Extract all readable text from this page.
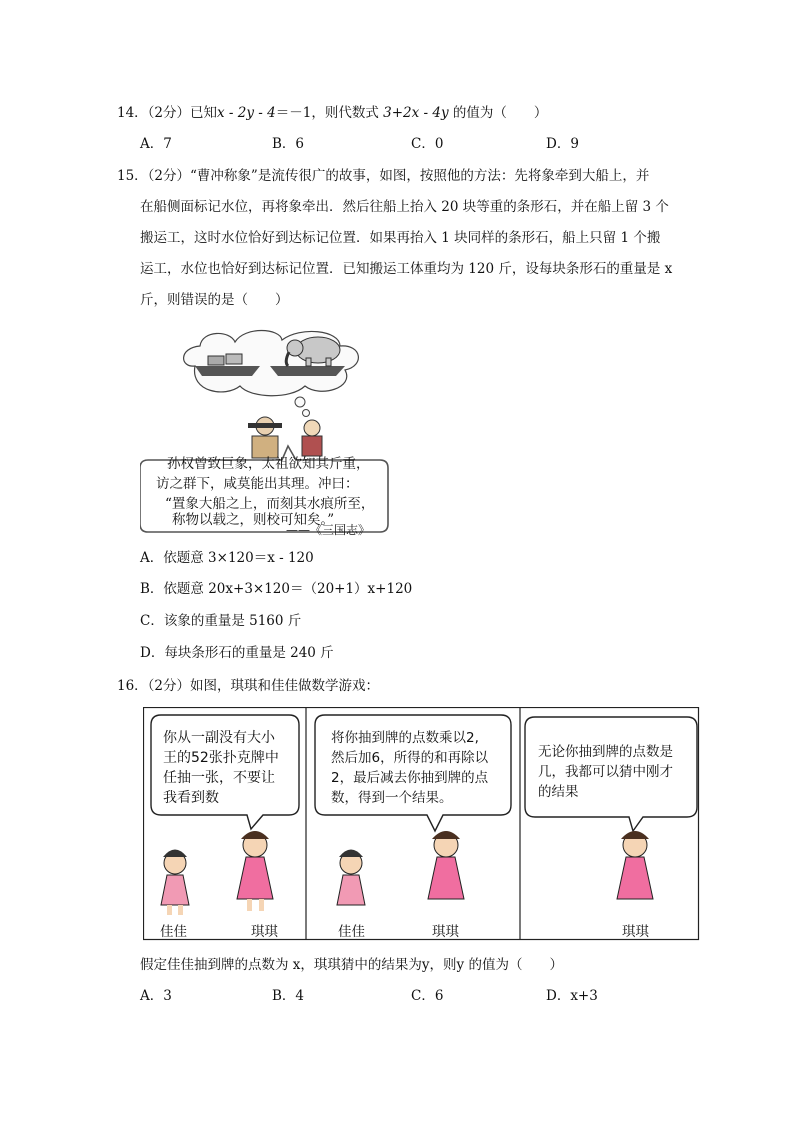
14．（2分）已知x - 2y - 4＝－1，则代数式 3+2x - 4y 的值为（　　）
A．7	B．6	C．0	D．9
15．（2分）“曹冲称象”是流传很广的故事，如图，按照他的方法：先将象牵到大船上，并
在船侧面标记水位，再将象牵出．然后往船上抬入 20 块等重的条形石，并在船上留 3 个
搬运工，这时水位恰好到达标记位置．如果再抬入 1 块同样的条形石，船上只留 1 个搬
运工，水位也恰好到达标记位置．已知搬运工体重均为 120 斤，设每块条形石的重量是 x
斤，则错误的是（　　）
孙权曾致巨象，太祖欲知其斤重，
访之群下，咸莫能出其理。冲曰：
“置象大船之上，而刻其水痕所至，
称物以载之，则校可知矣。”
——《三国志》
A．依题意 3×120＝x - 120
B．依题意 20x+3×120＝（20+1）x+120
C．该象的重量是 5160 斤
D．每块条形石的重量是 240 斤
16．（2分）如图，琪琪和佳佳做数学游戏：
你从一副没有大小
王的52张扑克牌中
任抽一张，不要让
我看到数
将你抽到牌的点数乘以2,
然后加6，所得的和再除以
2，最后减去你抽到牌的点
数，得到一个结果。
无论你抽到牌的点数是
几，我都可以猜中刚才
的结果
佳佳	琪琪	佳佳	琪琪	琪琪
假定佳佳抽到牌的点数为 x，琪琪猜中的结果为y，则y 的值为（　　）
A．3	B．4	C．6	D．x+3
